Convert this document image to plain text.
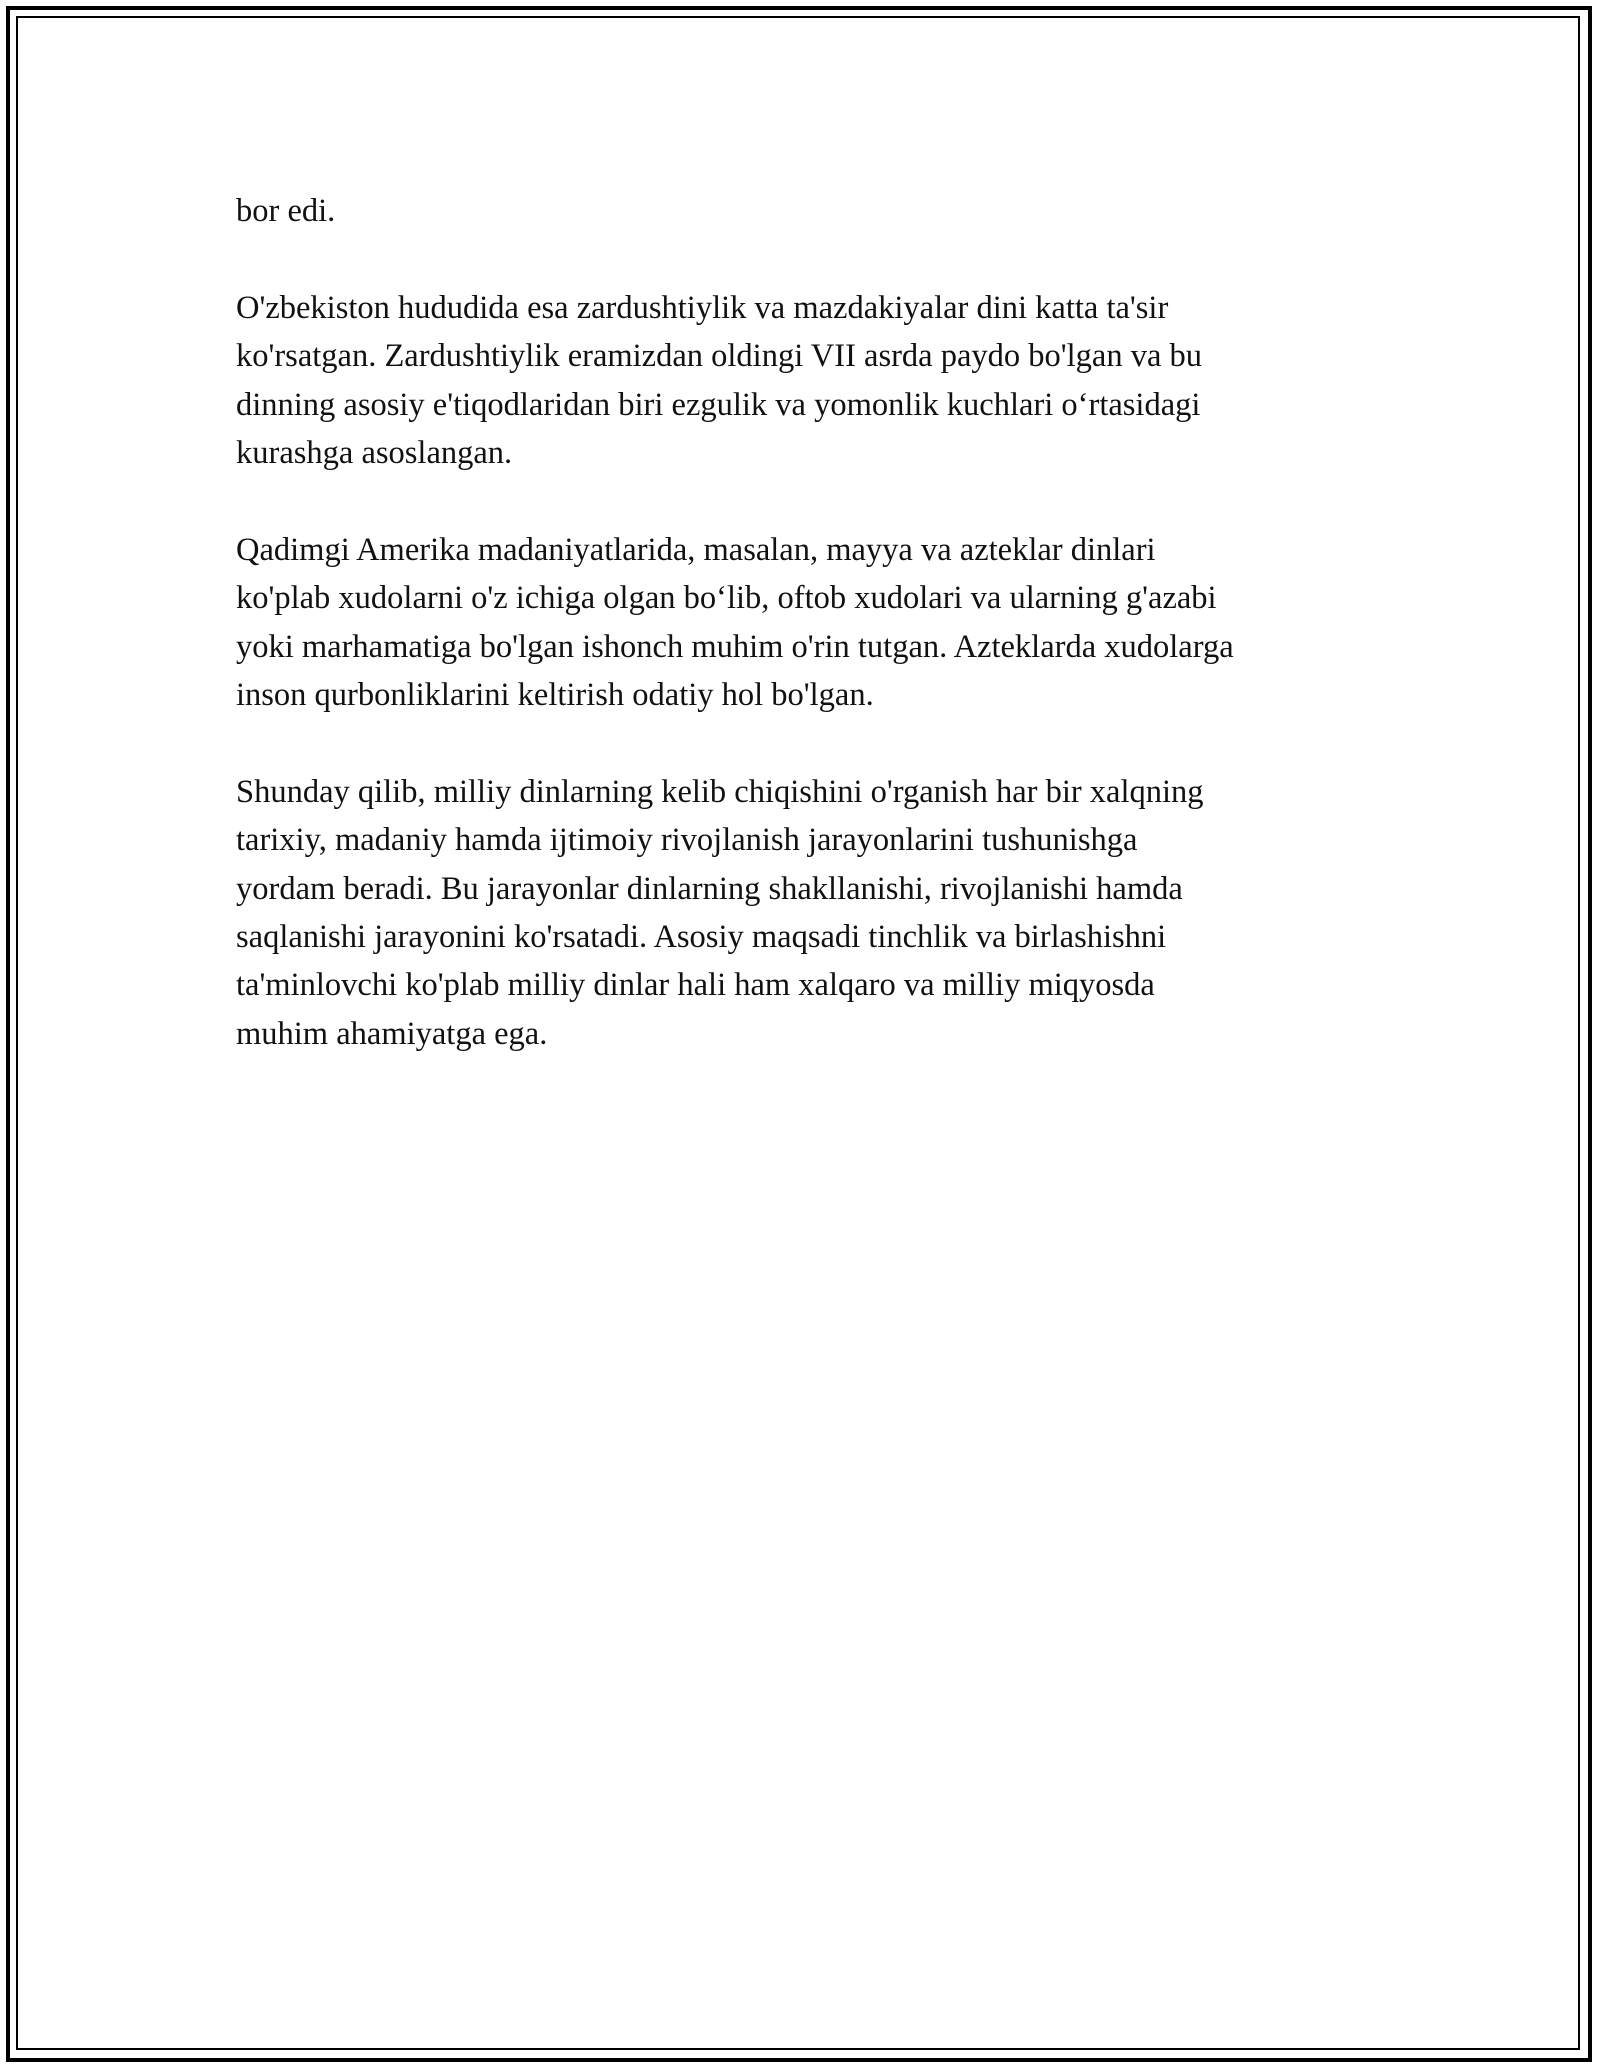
bor edi.

O'zbekiston hududida esa zardushtiylik va mazdakiyalar dini katta ta'sir
ko'rsatgan. Zardushtiylik eramizdan oldingi VII asrda paydo bo'lgan va bu
dinning asosiy e'tiqodlaridan biri ezgulik va yomonlik kuchlari o‘rtasidagi
kurashga asoslangan.

Qadimgi Amerika madaniyatlarida, masalan, mayya va azteklar dinlari
ko'plab xudolarni o'z ichiga olgan bo‘lib, oftob xudolari va ularning g'azabi
yoki marhamatiga bo'lgan ishonch muhim o'rin tutgan. Azteklarda xudolarga
inson qurbonliklarini keltirish odatiy hol bo'lgan.

Shunday qilib, milliy dinlarning kelib chiqishini o'rganish har bir xalqning
tarixiy, madaniy hamda ijtimoiy rivojlanish jarayonlarini tushunishga
yordam beradi. Bu jarayonlar dinlarning shakllanishi, rivojlanishi hamda
saqlanishi jarayonini ko'rsatadi. Asosiy maqsadi tinchlik va birlashishni
ta'minlovchi ko'plab milliy dinlar hali ham xalqaro va milliy miqyosda
muhim ahamiyatga ega.
